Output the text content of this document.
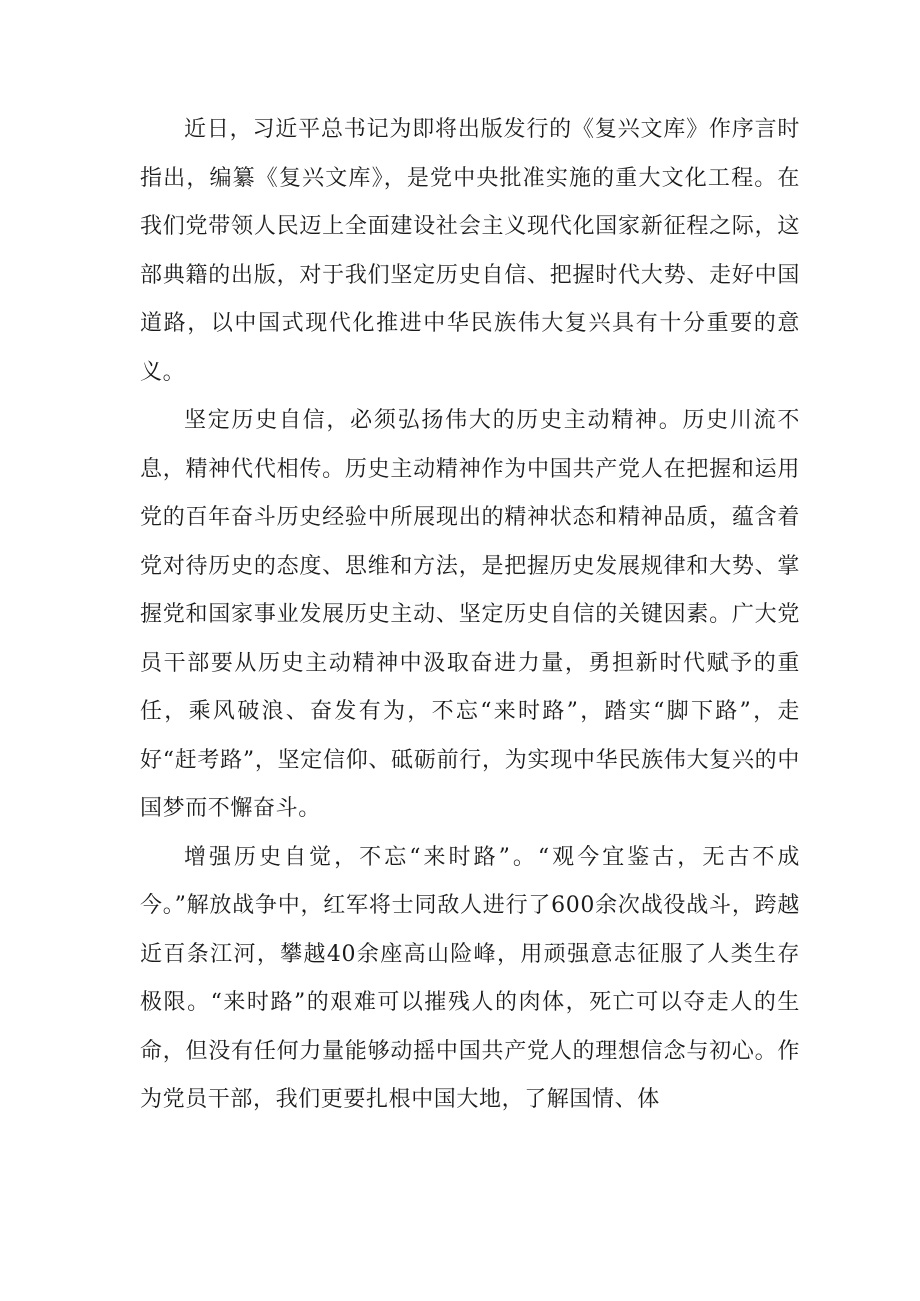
近日，习近平总书记为即将出版发行的《复兴文库》作序言时指出，编纂《复兴文库》，是党中央批准实施的重大文化工程。在我们党带领人民迈上全面建设社会主义现代化国家新征程之际，这部典籍的出版，对于我们坚定历史自信、把握时代大势、走好中国道路，以中国式现代化推进中华民族伟大复兴具有十分重要的意义。

坚定历史自信，必须弘扬伟大的历史主动精神。历史川流不息，精神代代相传。历史主动精神作为中国共产党人在把握和运用党的百年奋斗历史经验中所展现出的精神状态和精神品质，蕴含着党对待历史的态度、思维和方法，是把握历史发展规律和大势、掌握党和国家事业发展历史主动、坚定历史自信的关键因素。广大党员干部要从历史主动精神中汲取奋进力量，勇担新时代赋予的重任，乘风破浪、奋发有为，不忘“来时路”，踏实“脚下路”，走好“赶考路”，坚定信仰、砥砺前行，为实现中华民族伟大复兴的中国梦而不懈奋斗。

增强历史自觉，不忘“来时路”。“观今宜鉴古，无古不成今。”解放战争中，红军将士同敌人进行了600余次战役战斗，跨越近百条江河，攀越40余座高山险峰，用顽强意志征服了人类生存极限。“来时路”的艰难可以摧残人的肉体，死亡可以夺走人的生命，但没有任何力量能够动摇中国共产党人的理想信念与初心。作为党员干部，我们更要扎根中国大地，了解国情、体
